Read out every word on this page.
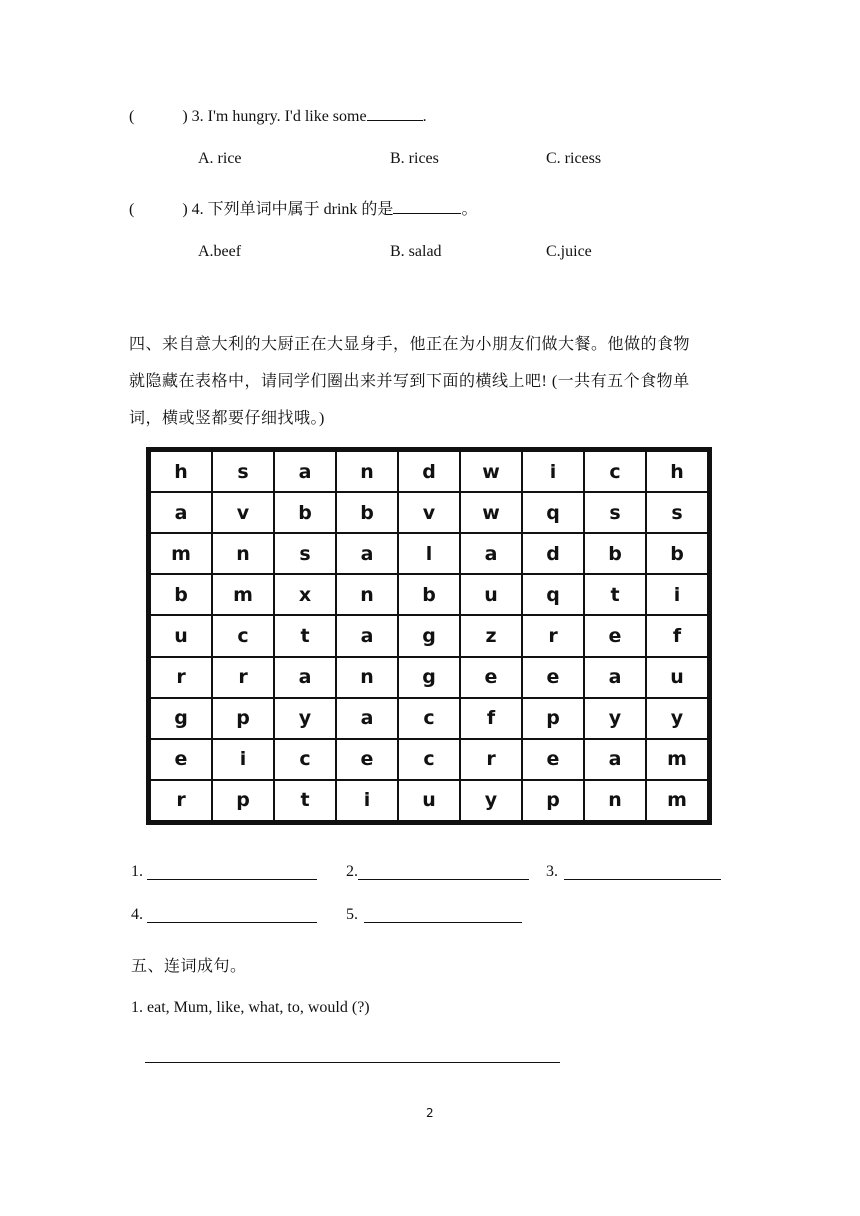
(	) 3. I'm hungry. I'd like some	.
A. rice	B. rices	C. ricess
(	) 4. 下列单词中属于 drink 的是	。
A.beef	B. salad	C.juice
四、来自意大利的大厨正在大显身手，他正在为小朋友们做大餐。他做的食物
就隐藏在表格中，请同学们圈出来并写到下面的横线上吧! (一共有五个食物单
词，横或竖都要仔细找哦。)
h	s	a	n	d	w	i	c	h
a	v	b	b	v	w	q	s	s
m	n	s	a	l	a	d	b	b
b	m	x	n	b	u	q	t	i
u	c	t	a	g	z	r	e	f
r	r	a	n	g	e	e	a	u
g	p	y	a	c	f	p	y	y
e	i	c	e	c	r	e	a	m
r	p	t	i	u	y	p	n	m
1.	2.	3.
4.	5.
五、连词成句。
1. eat, Mum, like, what, to, would (?)
2
